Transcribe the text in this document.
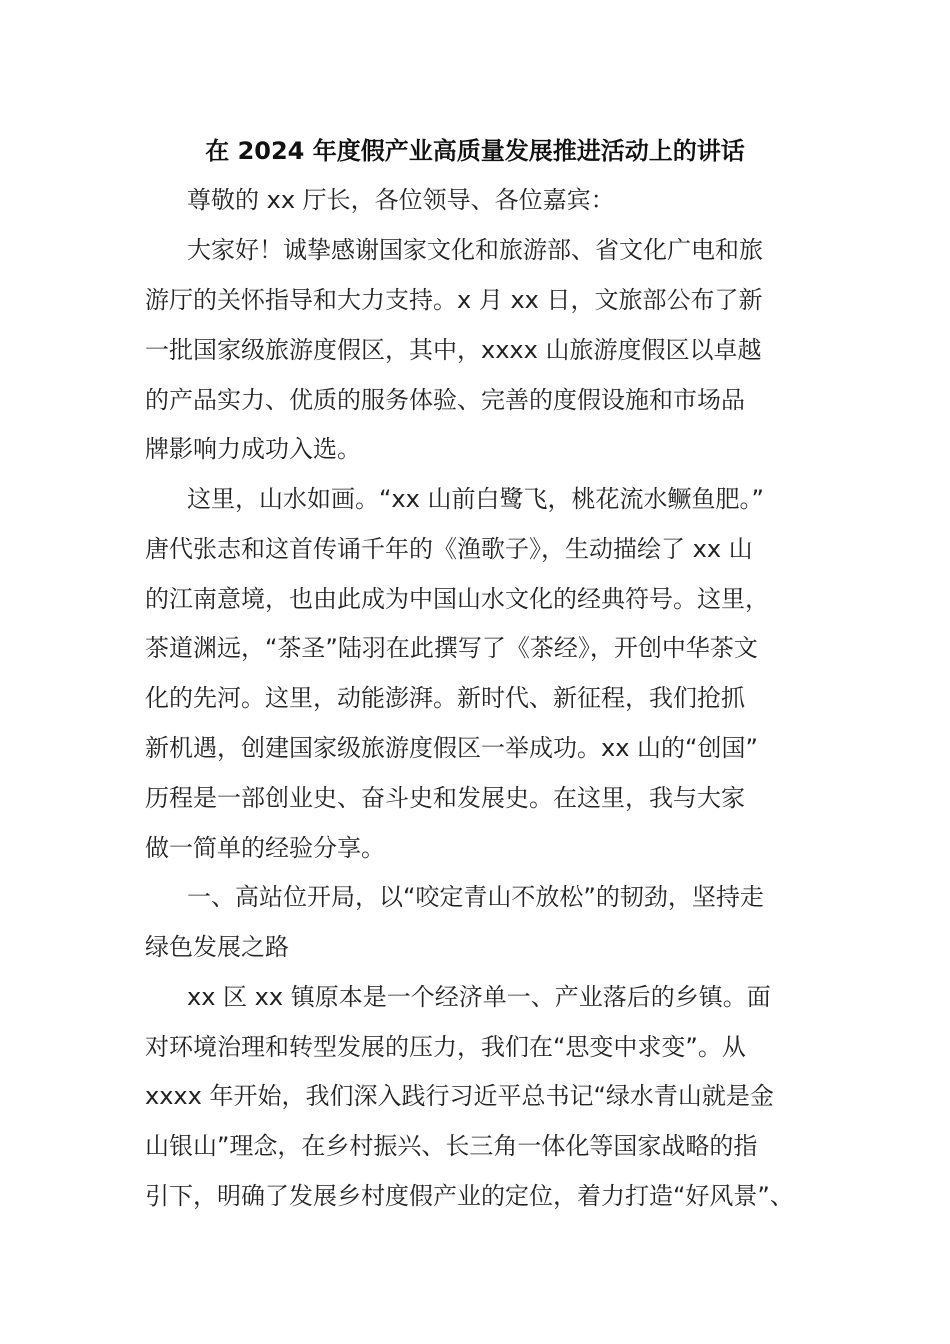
在 2024 年度假产业高质量发展推进活动上的讲话
尊敬的 xx 厅长，各位领导、各位嘉宾：
大家好！诚挚感谢国家文化和旅游部、省文化广电和旅
游厅的关怀指导和大力支持。x 月 xx 日，文旅部公布了新
一批国家级旅游度假区，其中，xxxx 山旅游度假区以卓越
的产品实力、优质的服务体验、完善的度假设施和市场品
牌影响力成功入选。
这里，山水如画。“xx 山前白鹭飞，桃花流水鳜鱼肥。”
唐代张志和这首传诵千年的《渔歌子》，生动描绘了 xx 山
的江南意境，也由此成为中国山水文化的经典符号。这里，
茶道渊远，“茶圣”陆羽在此撰写了《茶经》，开创中华茶文
化的先河。这里，动能澎湃。新时代、新征程，我们抢抓
新机遇，创建国家级旅游度假区一举成功。xx 山的“创国”
历程是一部创业史、奋斗史和发展史。在这里，我与大家
做一简单的经验分享。
一、高站位开局，以“咬定青山不放松”的韧劲，坚持走
绿色发展之路
xx 区 xx 镇原本是一个经济单一、产业落后的乡镇。面
对环境治理和转型发展的压力，我们在“思变中求变”。从
xxxx 年开始，我们深入践行习近平总书记“绿水青山就是金
山银山”理念，在乡村振兴、长三角一体化等国家战略的指
引下，明确了发展乡村度假产业的定位，着力打造“好风景”、
